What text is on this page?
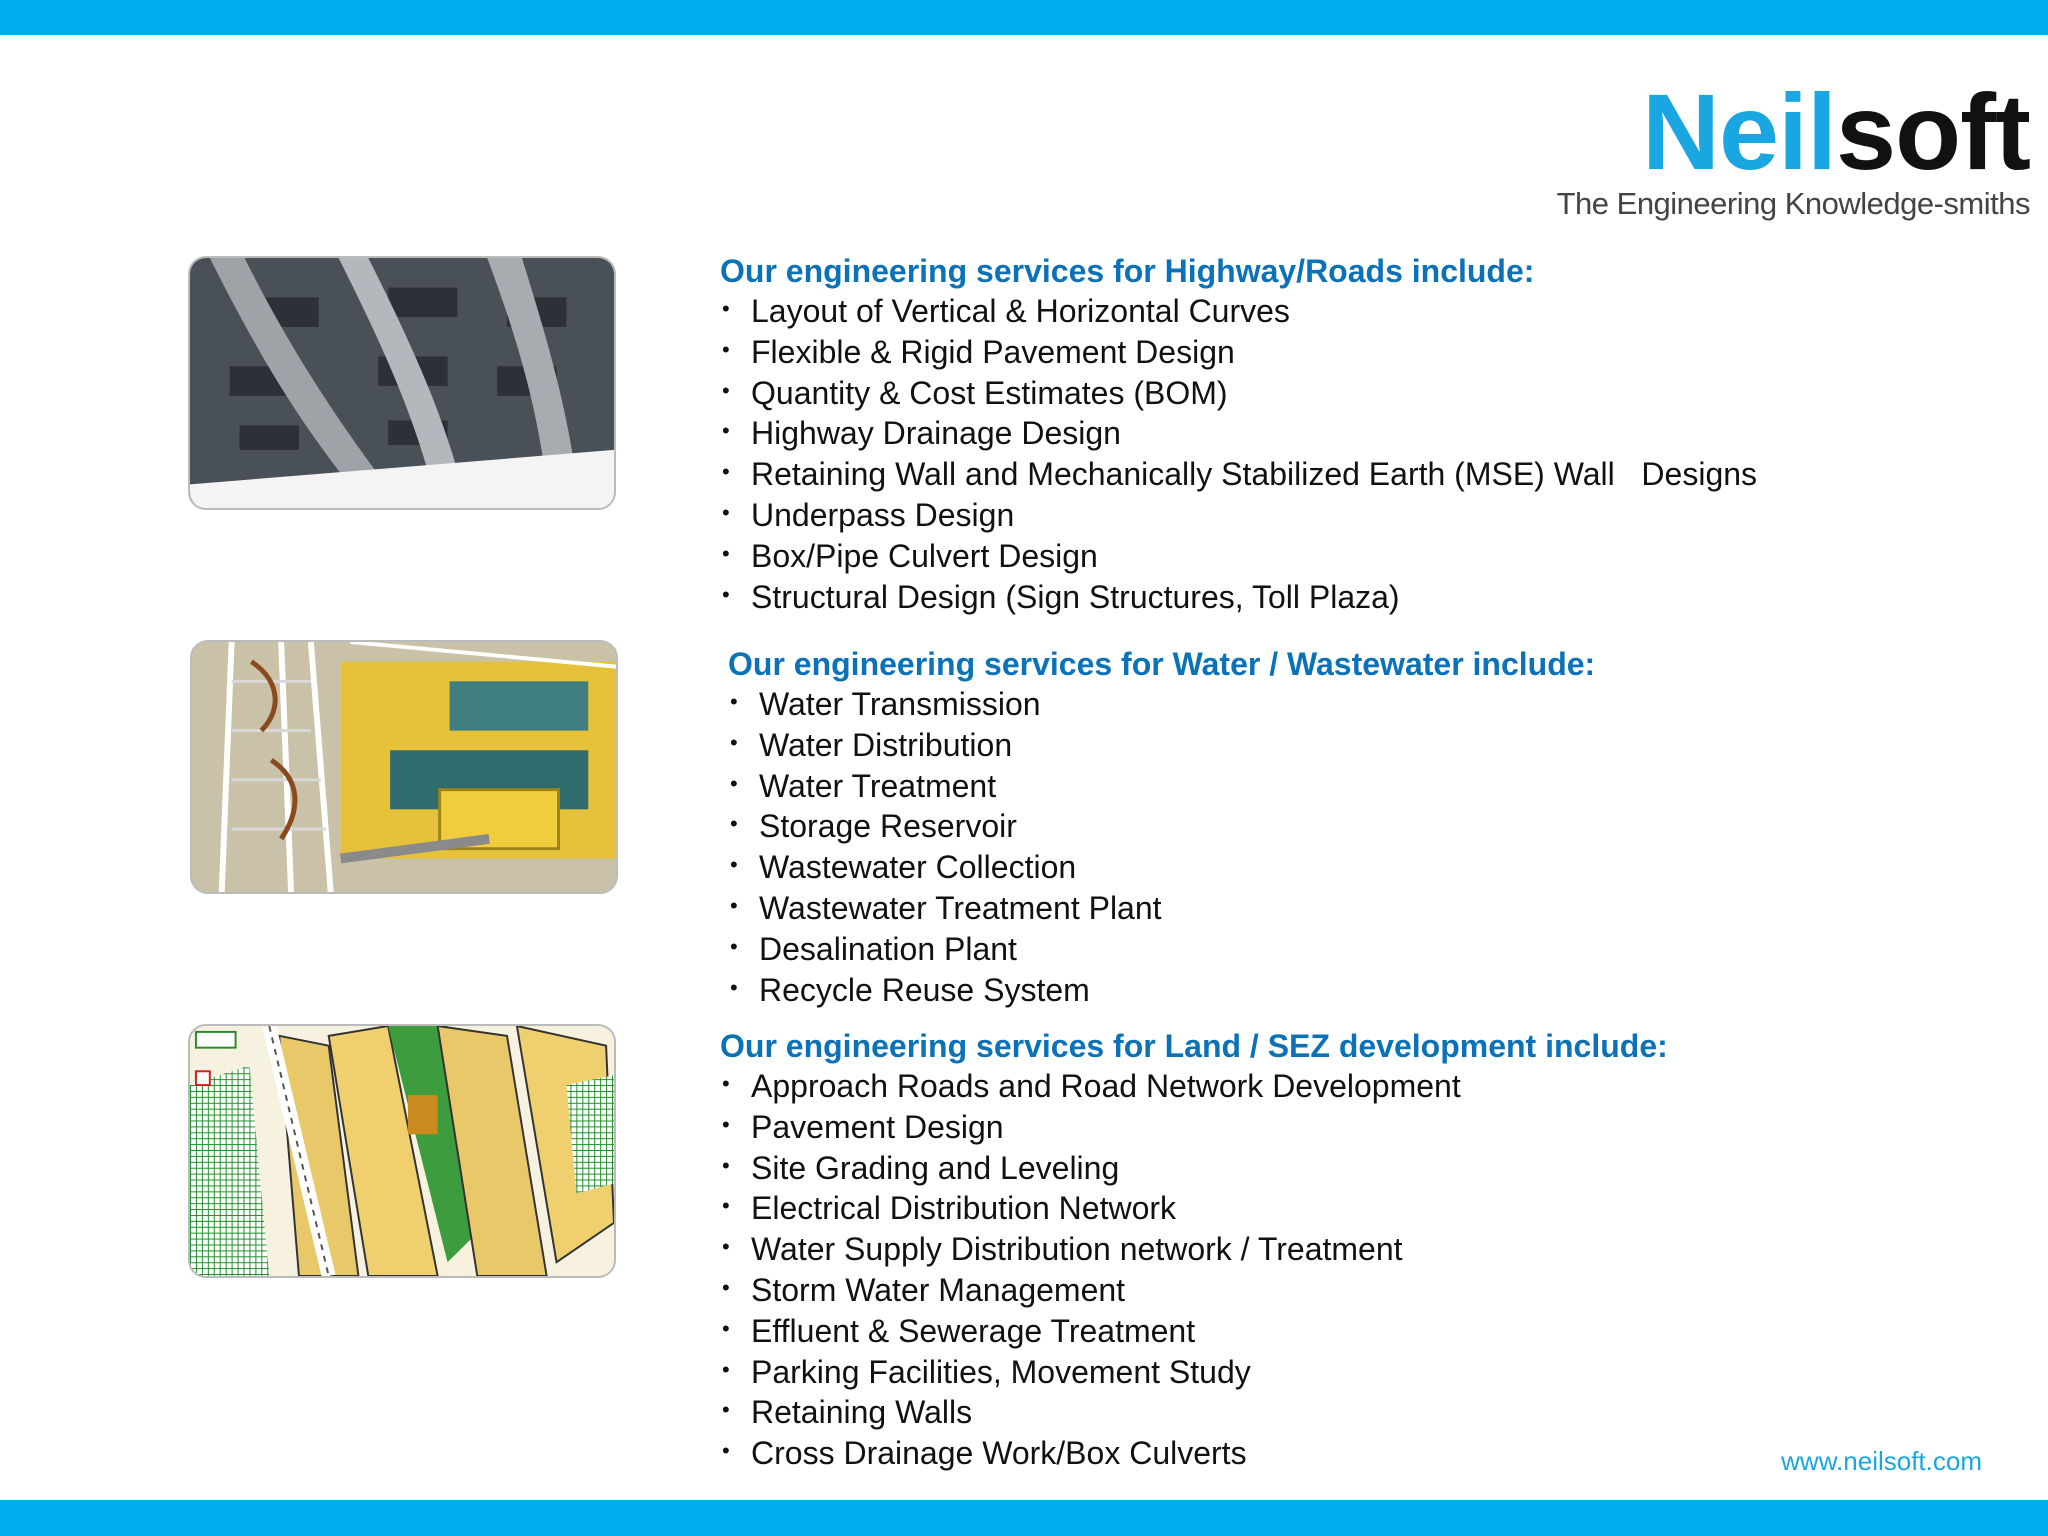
Neilsoft
The Engineering Knowledge-smiths
Our engineering services for Highway/Roads include:
• Layout of Vertical & Horizontal Curves
• Flexible & Rigid Pavement Design
• Quantity & Cost Estimates (BOM)
• Highway Drainage Design
• Retaining Wall and Mechanically Stabilized Earth (MSE) Wall   Designs
• Underpass Design
• Box/Pipe Culvert Design
• Structural Design (Sign Structures, Toll Plaza)
Our engineering services for Water / Wastewater include:
• Water Transmission
• Water Distribution
• Water Treatment
• Storage Reservoir
• Wastewater Collection
• Wastewater Treatment Plant
• Desalination Plant
• Recycle Reuse System
Our engineering services for Land / SEZ development include:
• Approach Roads and Road Network Development
• Pavement Design
• Site Grading and Leveling
• Electrical Distribution Network
• Water Supply Distribution network / Treatment
• Storm Water Management
• Effluent & Sewerage Treatment
• Parking Facilities, Movement Study
• Retaining Walls
• Cross Drainage Work/Box Culverts	www.neilsoft.com
